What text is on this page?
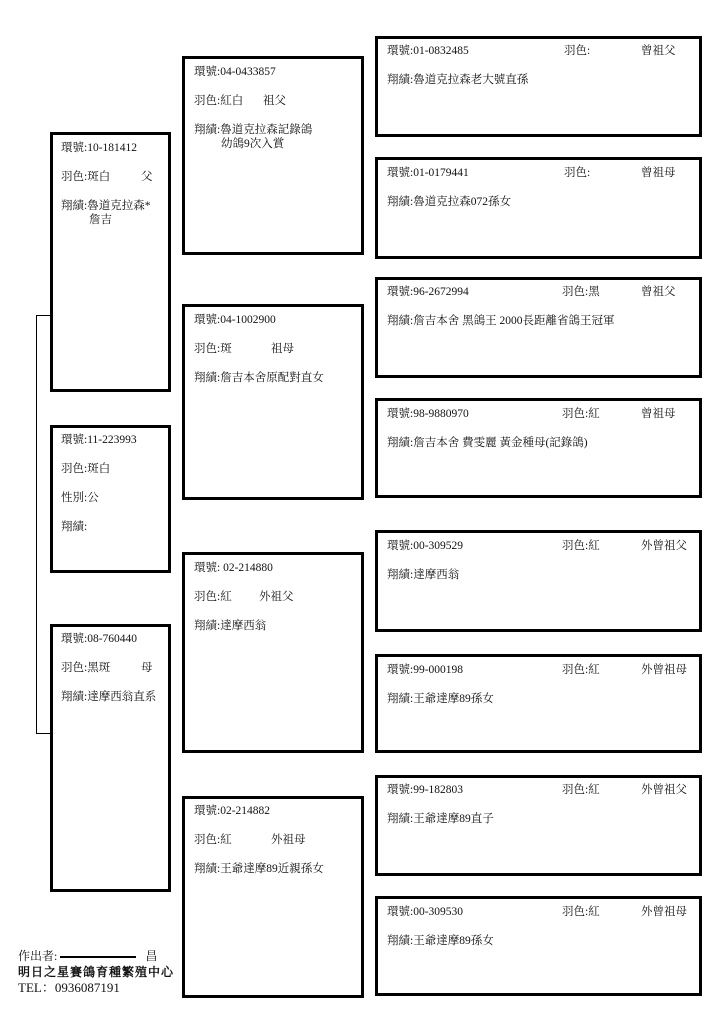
環號:10-181412
羽色:斑白	父
翔績:魯道克拉森*
詹吉
環號:11-223993
羽色:斑白
性別:公
翔績:
環號:08-760440
羽色:黑斑	母
翔績:達摩西翁直系
環號:04-0433857
羽色:紅白 祖父
翔績:魯道克拉森記錄鴿
幼鴿9次入賞
環號:04-1002900
羽色:斑	祖母
翔績:詹吉本舍原配對直女
環號: 02-214880
羽色:紅 外祖父
翔績:達摩西翁
環號:02-214882
羽色:紅	外祖母
翔績:王爺達摩89近親孫女
環號:01-0832485	羽色:	曾祖父
翔績:魯道克拉森老大號直孫
環號:01-0179441	羽色:	曾祖母
翔績:魯道克拉森072孫女
環號:96-2672994	羽色:黑	曾祖父
翔績:詹吉本舍 黑鴿王 2000長距離省鴿王冠軍
環號:98-9880970	羽色:紅	曾祖母
翔績:詹吉本舍 費雯麗 黃金種母(記錄鴿)
環號:00-309529	羽色:紅	外曾祖父
翔績:達摩西翁
環號:99-000198	羽色:紅	外曾祖母
翔績:王爺達摩89孫女
環號:99-182803	羽色:紅	外曾祖父
翔績:王爺達摩89直子
環號:00-309530	羽色:紅	外曾祖母
翔績:王爺達摩89孫女
作出者:	昌
明日之星賽鴿育種繁殖中心
TEL：0936087191
